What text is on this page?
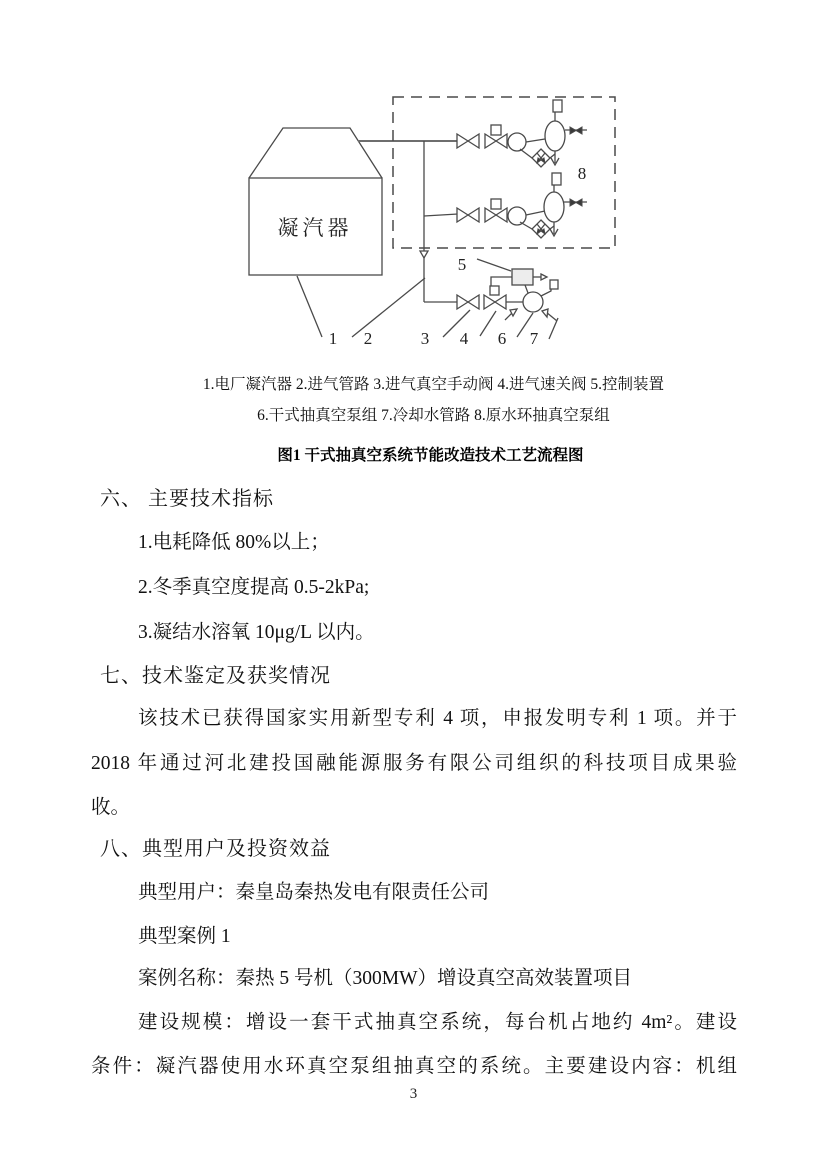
凝汽器
1 2	3 4
5
6 7
8
1.电厂凝汽器 2.进气管路 3.进气真空手动阀 4.进气速关阀 5.控制装置
6.干式抽真空泵组 7.冷却水管路 8.原水环抽真空泵组
图1 干式抽真空系统节能改造技术工艺流程图
六、 主要技术指标
1.电耗降低 80%以上；
2.冬季真空度提高 0.5-2kPa;
3.凝结水溶氧 10μg/L 以内。
七、技术鉴定及获奖情况
该技术已获得国家实用新型专利 4 项，申报发明专利 1 项。并于
2018 年通过河北建投国融能源服务有限公司组织的科技项目成果验
收。
八、典型用户及投资效益
典型用户：秦皇岛秦热发电有限责任公司
典型案例 1
案例名称：秦热 5 号机（300MW）增设真空高效装置项目
建设规模：增设一套干式抽真空系统，每台机占地约 4m²。建设
条件：凝汽器使用水环真空泵组抽真空的系统。主要建设内容：机组
3
